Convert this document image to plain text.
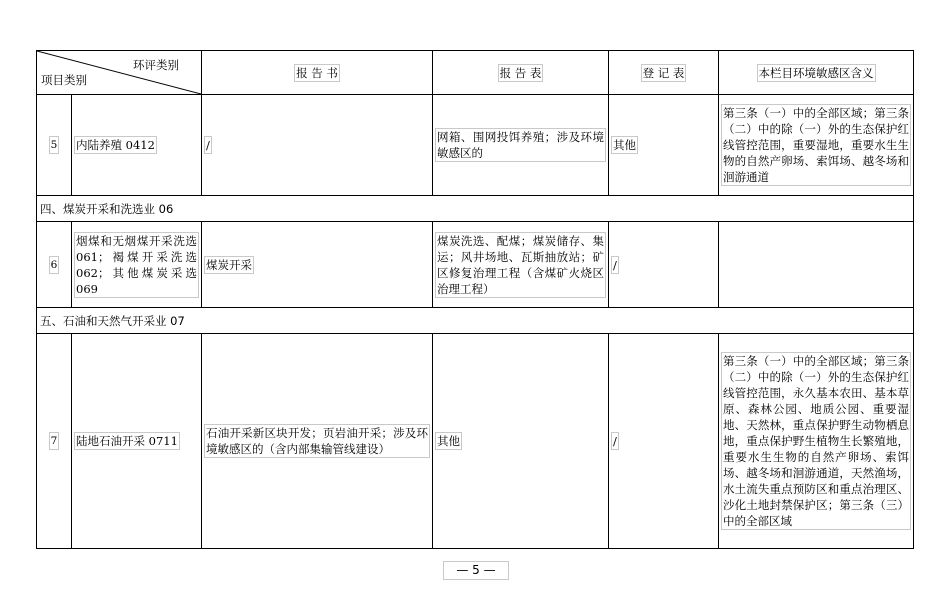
环评类别
项目类别		报 告 书	报 告 表	登 记 表	本栏目环境敏感区含义
5	内陆养殖 0412	/	网箱、围网投饵养殖；涉及环境敏感区的	其他	第三条（一）中的全部区域；第三条（二）中的除（一）外的生态保护红线管控范围，重要湿地，重要水生生物的自然产卵场、索饵场、越冬场和洄游通道

四、煤炭开采和洗选业 06					
6	烟煤和无烟煤开采洗选 061；褐煤开采洗选 062；其他煤炭采选 069	煤炭开采	煤炭洗选、配煤；煤炭储存、集运；风井场地、瓦斯抽放站；矿区修复治理工程（含煤矿火烧区治理工程）	/	
五、石油和天然气开采业 07					
7	陆地石油开采 0711	石油开采新区块开发；页岩油开采；涉及环境敏感区的（含内部集输管线建设）	其他	/	第三条（一）中的全部区域；第三条（二）中的除（一）外的生态保护红线管控范围，永久基本农田、基本草原、森林公园、地质公园、重要湿地、天然林，重点保护野生动物栖息地，重点保护野生植物生长繁殖地，重要水生生物的自然产卵场、索饵场、越冬场和洄游通道，天然渔场，水土流失重点预防区和重点治理区、沙化土地封禁保护区；第三条（三）中的全部区域
— 5 —
